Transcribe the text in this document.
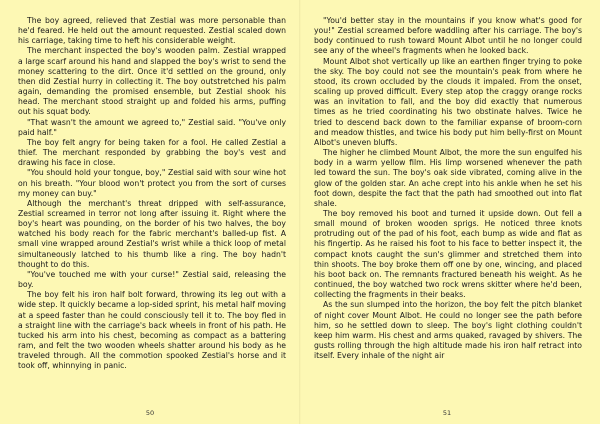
The boy agreed, relieved that Zestial was more personable than he'd feared. He held out the amount requested. Zestial scaled down his carriage, taking time to heft his considerable weight.

The merchant inspected the boy's wooden palm. Zestial wrapped a large scarf around his hand and slapped the boy's wrist to send the money scattering to the dirt. Once it'd settled on the ground, only then did Zestial hurry in collecting it. The boy outstretched his palm again, demanding the promised ensemble, but Zestial shook his head. The merchant stood straight up and folded his arms, puffing out his squat body.

"That wasn't the amount we agreed to," Zestial said. "You've only paid half."

The boy felt angry for being taken for a fool. He called Zestial a thief. The merchant responded by grabbing the boy's vest and drawing his face in close.

"You should hold your tongue, boy," Zestial said with sour wine hot on his breath. "Your blood won't protect you from the sort of curses my money can buy."

Although the merchant's threat dripped with self-assurance, Zestial screamed in terror not long after issuing it. Right where the boy's heart was pounding, on the border of his two halves, the boy watched his body reach for the fabric merchant's balled-up fist. A small vine wrapped around Zestial's wrist while a thick loop of metal simultaneously latched to his thumb like a ring. The boy hadn't thought to do this.

"You've touched me with your curse!" Zestial said, releasing the boy.

The boy felt his iron half bolt forward, throwing its leg out with a wide step. It quickly became a lop-sided sprint, his metal half moving at a speed faster than he could consciously tell it to. The boy fled in a straight line with the carriage's back wheels in front of his path. He tucked his arm into his chest, becoming as compact as a battering ram, and felt the two wooden wheels shatter around his body as he traveled through. All the commotion spooked Zestial's horse and it took off, whinnying in panic.

50

"You'd better stay in the mountains if you know what's good for you!" Zestial screamed before waddling after his carriage. The boy's body continued to rush toward Mount Albot until he no longer could see any of the wheel's fragments when he looked back.

Mount Albot shot vertically up like an earthen finger trying to poke the sky. The boy could not see the mountain's peak from where he stood, its crown occluded by the clouds it impaled. From the onset, scaling up proved difficult. Every step atop the craggy orange rocks was an invitation to fall, and the boy did exactly that numerous times as he tried coordinating his two obstinate halves. Twice he tried to descend back down to the familiar expanse of broom-corn and meadow thistles, and twice his body put him belly-first on Mount Albot's uneven bluffs.

The higher he climbed Mount Albot, the more the sun engulfed his body in a warm yellow film. His limp worsened whenever the path led toward the sun. The boy's oak side vibrated, coming alive in the glow of the golden star. An ache crept into his ankle when he set his foot down, despite the fact that the path had smoothed out into flat shale.

The boy removed his boot and turned it upside down. Out fell a small mound of broken wooden sprigs. He noticed three knots protruding out of the pad of his foot, each bump as wide and flat as his fingertip. As he raised his foot to his face to better inspect it, the compact knots caught the sun's glimmer and stretched them into thin shoots. The boy broke them off one by one, wincing, and placed his boot back on. The remnants fractured beneath his weight. As he continued, the boy watched two rock wrens skitter where he'd been, collecting the fragments in their beaks.

As the sun slumped into the horizon, the boy felt the pitch blanket of night cover Mount Albot. He could no longer see the path before him, so he settled down to sleep. The boy's light clothing couldn't keep him warm. His chest and arms quaked, ravaged by shivers. The gusts rolling through the high altitude made his iron half retract into itself. Every inhale of the night air

51
